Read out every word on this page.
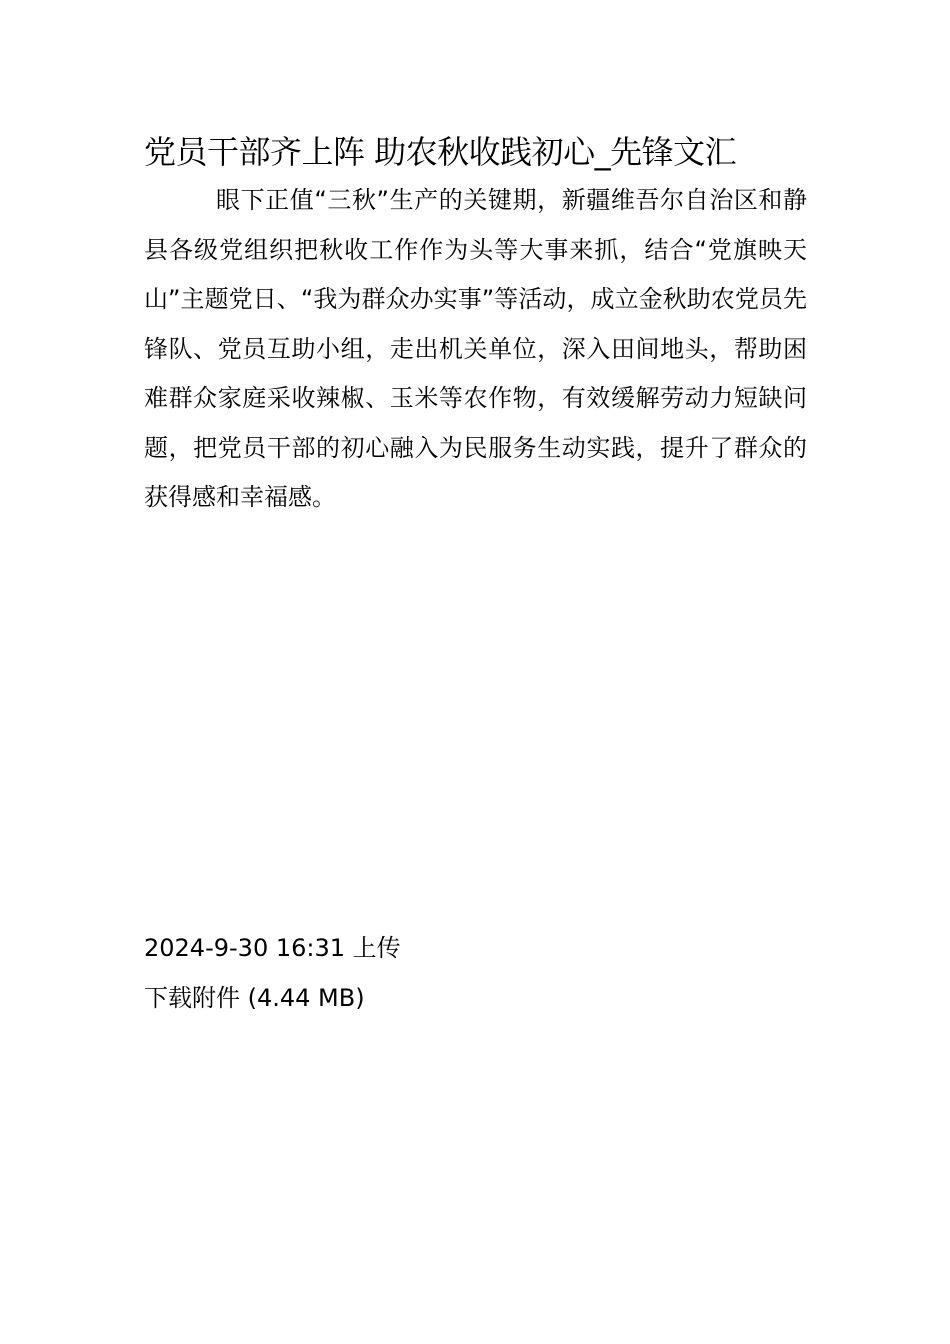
党员干部齐上阵 助农秋收践初心_先锋文汇

眼下正值“三秋”生产的关键期，新疆维吾尔自治区和静县各级党组织把秋收工作作为头等大事来抓，结合“党旗映天山”主题党日、“我为群众办实事”等活动，成立金秋助农党员先锋队、党员互助小组，走出机关单位，深入田间地头，帮助困难群众家庭采收辣椒、玉米等农作物，有效缓解劳动力短缺问题，把党员干部的初心融入为民服务生动实践，提升了群众的获得感和幸福感。

2024-9-30 16:31 上传
下载附件 (4.44 MB)
